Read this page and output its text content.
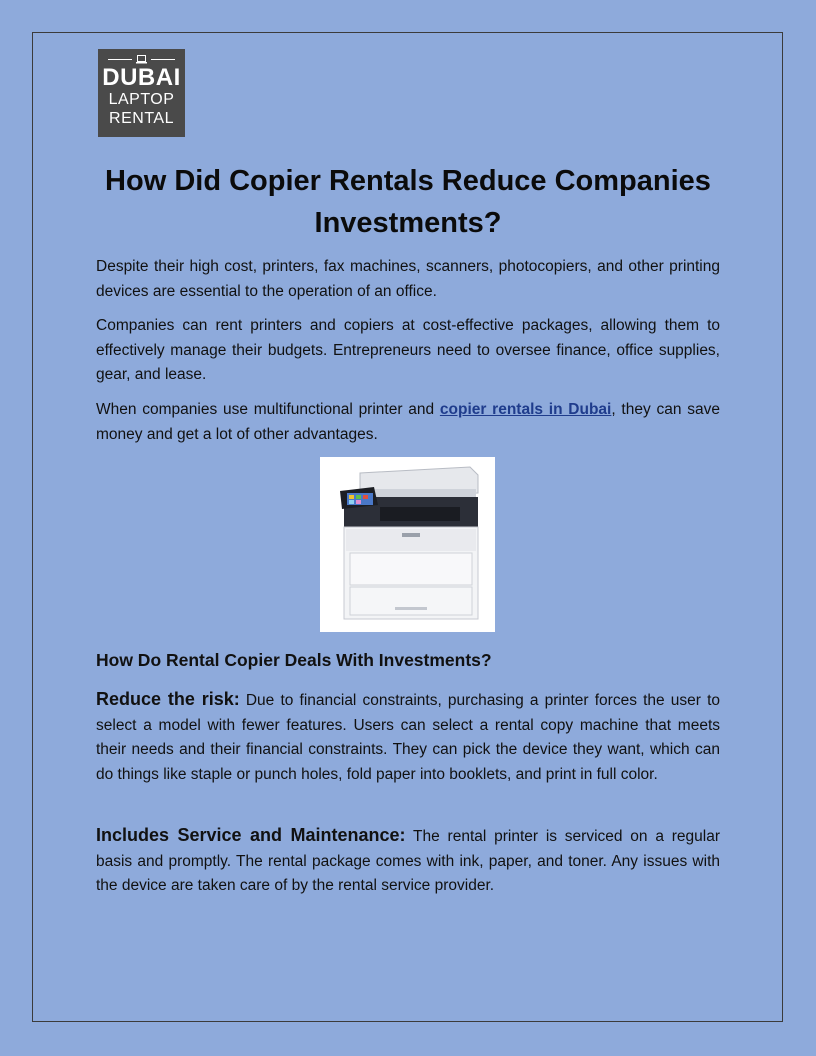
DUBAI
LAPTOP
RENTAL
How Did Copier Rentals Reduce Companies Investments?

Despite their high cost, printers, fax machines, scanners, photocopiers, and other printing devices are essential to the operation of an office.

Companies can rent printers and copiers at cost-effective packages, allowing them to effectively manage their budgets. Entrepreneurs need to oversee finance, office supplies, gear, and lease.

When companies use multifunctional printer and copier rentals in Dubai, they can save money and get a lot of other advantages.

How Do Rental Copier Deals With Investments?

Reduce the risk: Due to financial constraints, purchasing a printer forces the user to select a model with fewer features. Users can select a rental copy machine that meets their needs and their financial constraints. They can pick the device they want, which can do things like staple or punch holes, fold paper into booklets, and print in full color.

Includes Service and Maintenance: The rental printer is serviced on a regular basis and promptly. The rental package comes with ink, paper, and toner. Any issues with the device are taken care of by the rental service provider.
